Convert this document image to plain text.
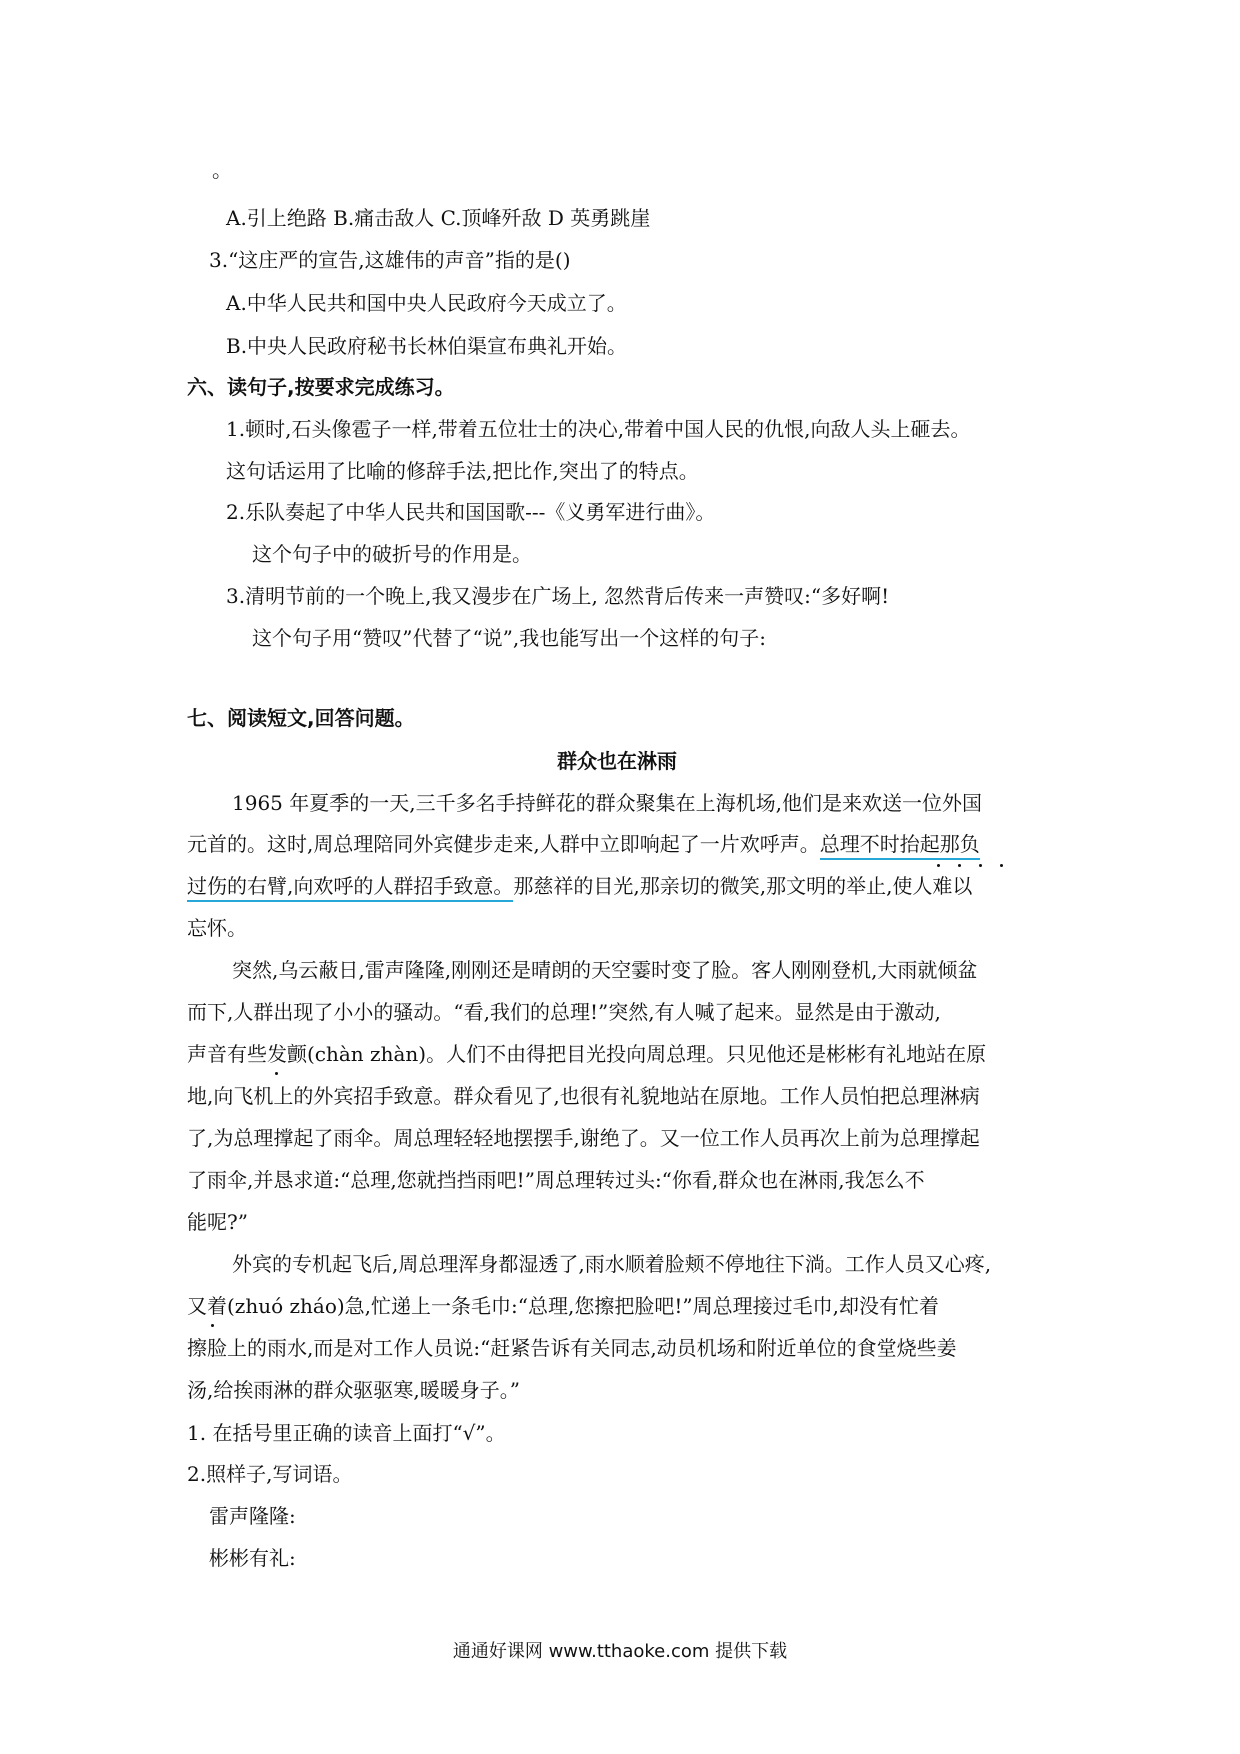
。
A.引上绝路 B.痛击敌人 C.顶峰歼敌 D 英勇跳崖
3.“这庄严的宣告,这雄伟的声音”指的是()
A.中华人民共和国中央人民政府今天成立了。
B.中央人民政府秘书长林伯渠宣布典礼开始。
六、读句子,按要求完成练习。
1.顿时,石头像雹子一样,带着五位壮士的决心,带着中国人民的仇恨,向敌人头上砸去。
这句话运用了比喻的修辞手法,把比作,突出了的特点。
2.乐队奏起了中华人民共和国国歌---《义勇军进行曲》。
这个句子中的破折号的作用是。
3.清明节前的一个晚上,我又漫步在广场上, 忽然背后传来一声赞叹:“多好啊!
这个句子用“赞叹”代替了“说”,我也能写出一个这样的句子:
七、阅读短文,回答问题。
群众也在淋雨
1965 年夏季的一天,三千多名手持鲜花的群众聚集在上海机场,他们是来欢送一位外国
元首的。这时,周总理陪同外宾健步走来,人群中立即响起了一片欢呼声。总理不时抬起那负
过伤的右臂,向欢呼的人群招手致意。那慈祥的目光,那亲切的微笑,那文明的举止,使人难以
忘怀。
突然,乌云蔽日,雷声隆隆,刚刚还是晴朗的天空霎时变了脸。客人刚刚登机,大雨就倾盆
而下,人群出现了小小的骚动。“看,我们的总理!”突然,有人喊了起来。显然是由于激动,
声音有些发颤(chàn zhàn)。人们不由得把目光投向周总理。只见他还是彬彬有礼地站在原
地,向飞机上的外宾招手致意。群众看见了,也很有礼貌地站在原地。工作人员怕把总理淋病
了,为总理撑起了雨伞。周总理轻轻地摆摆手,谢绝了。又一位工作人员再次上前为总理撑起
了雨伞,并恳求道:“总理,您就挡挡雨吧!”周总理转过头:“你看,群众也在淋雨,我怎么不
能呢?”
外宾的专机起飞后,周总理浑身都湿透了,雨水顺着脸颊不停地往下淌。工作人员又心疼,
又着(zhuó zháo)急,忙递上一条毛巾:“总理,您擦把脸吧!”周总理接过毛巾,却没有忙着
擦脸上的雨水,而是对工作人员说:“赶紧告诉有关同志,动员机场和附近单位的食堂烧些姜
汤,给挨雨淋的群众驱驱寒,暖暖身子。”
1. 在括号里正确的读音上面打“√”。
2.照样子,写词语。
雷声隆隆:
彬彬有礼:
通通好课网 www.tthaoke.com 提供下载
